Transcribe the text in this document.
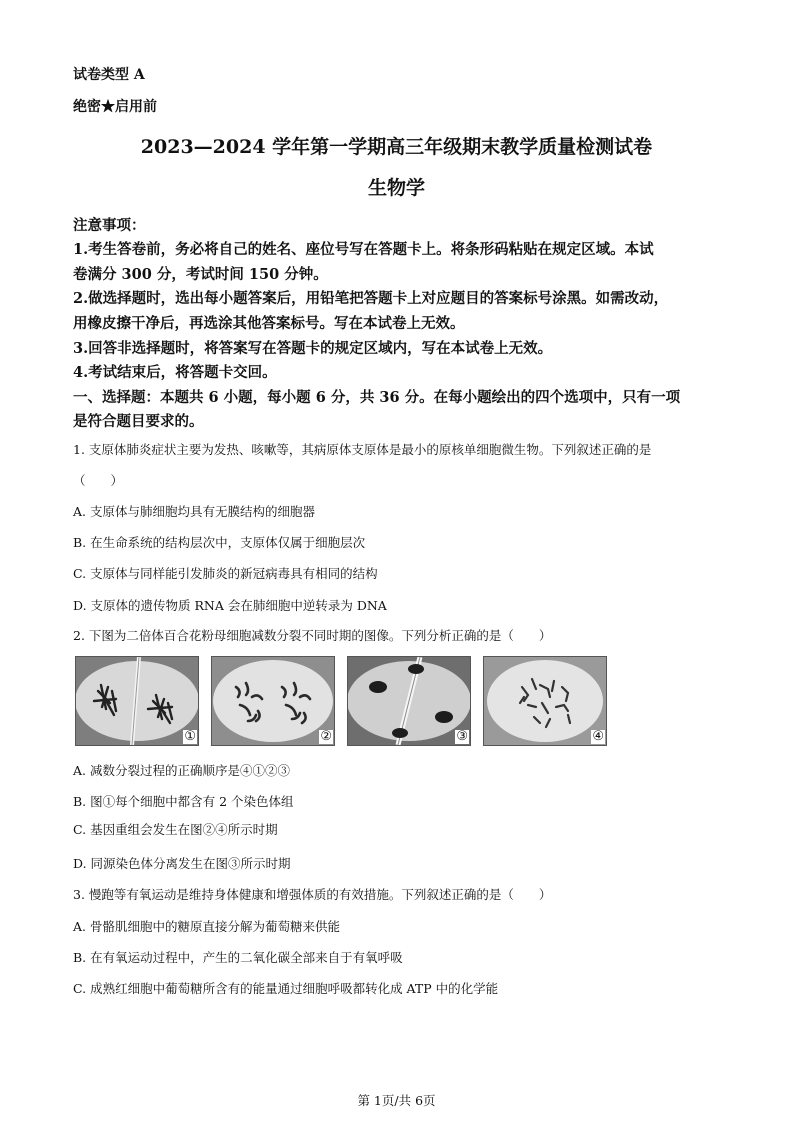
试卷类型 A
绝密★启用前
2023—2024 学年第一学期高三年级期末教学质量检测试卷
生物学
注意事项：
1.考生答卷前，务必将自己的姓名、座位号写在答题卡上。将条形码粘贴在规定区域。本试
卷满分 300 分，考试时间 150 分钟。
2.做选择题时，选出每小题答案后，用铅笔把答题卡上对应题目的答案标号涂黑。如需改动，
用橡皮擦干净后，再选涂其他答案标号。写在本试卷上无效。
3.回答非选择题时，将答案写在答题卡的规定区域内，写在本试卷上无效。
4.考试结束后，将答题卡交回。
一、选择题：本题共 6 小题，每小题 6 分，共 36 分。在每小题绘出的四个选项中，只有一项
是符合题目要求的。
1. 支原体肺炎症状主要为发热、咳嗽等，其病原体支原体是最小的原核单细胞微生物。下列叙述正确的是
（　　）
A. 支原体与肺细胞均具有无膜结构的细胞器
B. 在生命系统的结构层次中，支原体仅属于细胞层次
C. 支原体与同样能引发肺炎的新冠病毒具有相同的结构
D. 支原体的遗传物质 RNA 会在肺细胞中逆转录为 DNA
2. 下图为二倍体百合花粉母细胞减数分裂不同时期的图像。下列分析正确的是（　　）
①	②	③	④
A. 减数分裂过程的正确顺序是④①②③
B. 图①每个细胞中都含有 2 个染色体组
C. 基因重组会发生在图②④所示时期
D. 同源染色体分离发生在图③所示时期
3. 慢跑等有氧运动是维持身体健康和增强体质的有效措施。下列叙述正确的是（　　）
A. 骨骼肌细胞中的糖原直接分解为葡萄糖来供能
B. 在有氧运动过程中，产生的二氧化碳全部来自于有氧呼吸
C. 成熟红细胞中葡萄糖所含有的能量通过细胞呼吸都转化成 ATP 中的化学能
第 1页/共 6页
